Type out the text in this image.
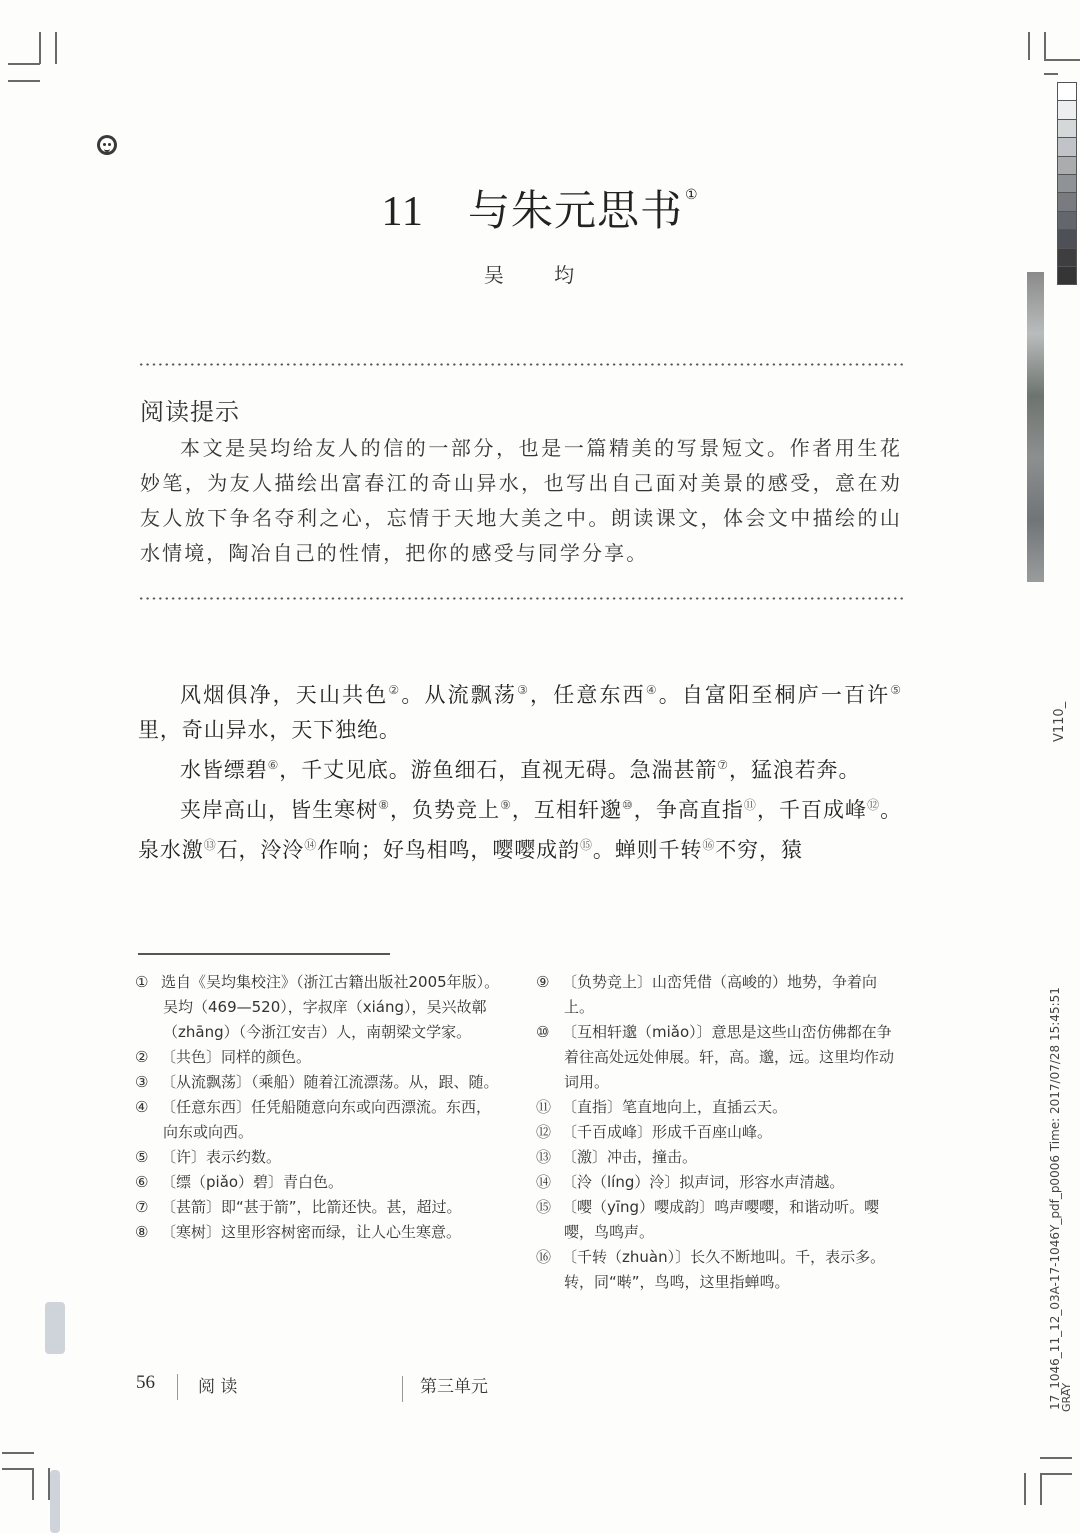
11 与朱元思书 ①
吴 均
阅读提示
本文是吴均给友人的信的一部分，也是一篇精美的写景短文。作者用生花妙笔，为友人描绘出富春江的奇山异水，也写出自己面对美景的感受，意在劝友人放下争名夺利之心，忘情于天地大美之中。朗读课文，体会文中描绘的山水情境，陶冶自己的性情，把你的感受与同学分享。

风烟俱净，天山共色②。从流飘荡③，任意东西④。自富阳至桐庐一百许⑤里，奇山异水，天下独绝。

水皆缥碧⑥，千丈见底。游鱼细石，直视无碍。急湍甚箭⑦，猛浪若奔。

夹岸高山，皆生寒树⑧，负势竞上⑨，互相轩邈⑩，争高直指⑪，千百成峰⑫。泉水激⑬石，泠泠⑭作响；好鸟相鸣，嘤嘤成韵⑮。蝉则千转⑯不穷，猿

① 选自《吴均集校注》（浙江古籍出版社2005年版）。吴均（469—520），字叔庠（xiáng），吴兴故鄣（zhāng）（今浙江安吉）人，南朝梁文学家。
② 〔共色〕同样的颜色。
③ 〔从流飘荡〕（乘船）随着江流漂荡。从，跟、随。
④ 〔任意东西〕任凭船随意向东或向西漂流。东西，向东或向西。
⑤ 〔许〕表示约数。
⑥ 〔缥（piǎo）碧〕青白色。
⑦ 〔甚箭〕即“甚于箭”，比箭还快。甚，超过。
⑧ 〔寒树〕这里形容树密而绿，让人心生寒意。
⑨ 〔负势竞上〕山峦凭借（高峻的）地势，争着向上。
⑩ 〔互相轩邈（miǎo）〕意思是这些山峦仿佛都在争着往高处远处伸展。轩，高。邈，远。这里均作动词用。
⑪ 〔直指〕笔直地向上，直插云天。
⑫ 〔千百成峰〕形成千百座山峰。
⑬ 〔激〕冲击，撞击。
⑭ 〔泠（líng）泠〕拟声词，形容水声清越。
⑮ 〔嘤（yīng）嘤成韵〕鸣声嘤嘤，和谐动听。嘤嘤，鸟鸣声。
⑯ 〔千转（zhuàn）〕长久不断地叫。千，表示多。转，同“啭”，鸟鸣，这里指蝉鸣。
56	阅 读	第三单元
V110_
17_1046_11_12_03A-17-1046Y_pdf_p0006 Time: 2017/07/28 15:45:51
GRAY
